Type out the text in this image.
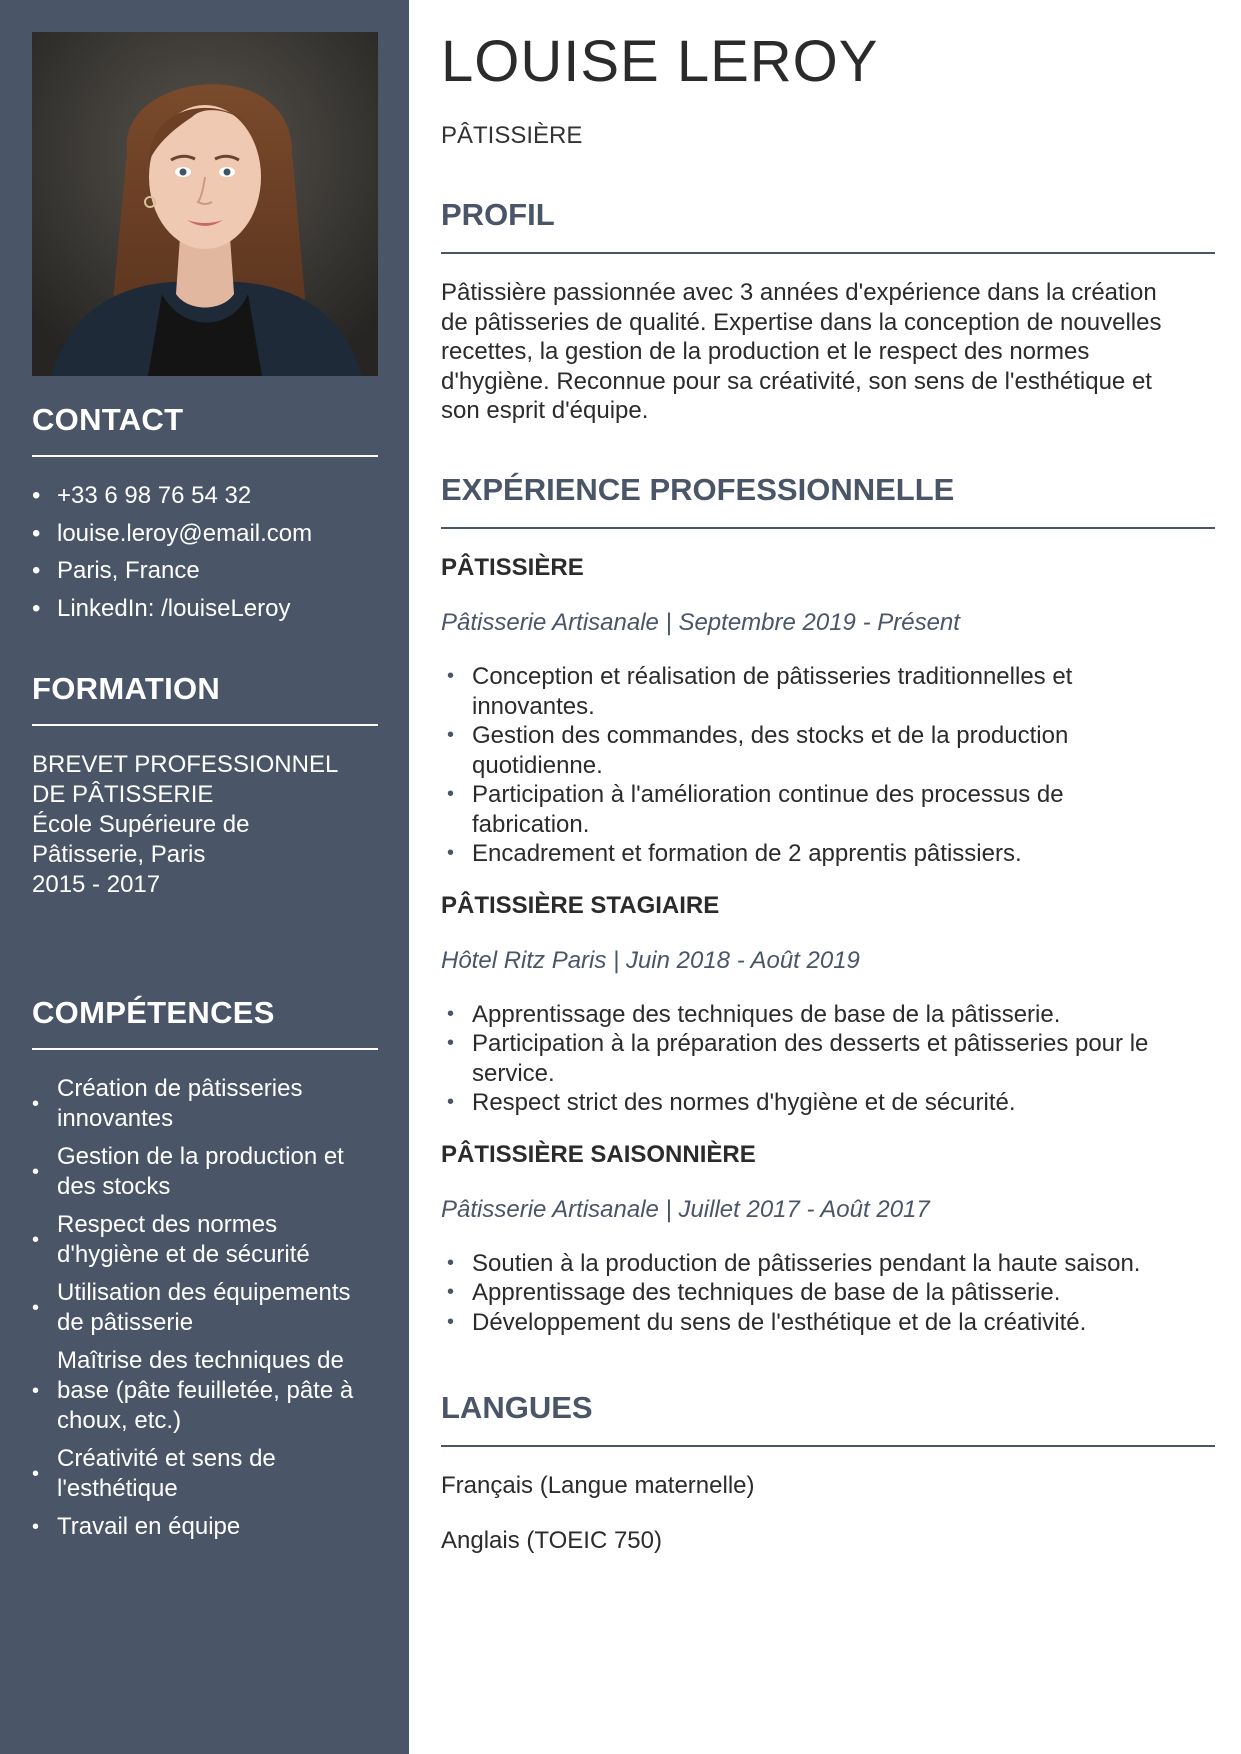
CONTACT
• +33 6 98 76 54 32
• louise.leroy@email.com
• Paris, France
• LinkedIn: /louiseLeroy
FORMATION
BREVET PROFESSIONNEL
DE PÂTISSERIE
École Supérieure de
Pâtisserie, Paris
2015 - 2017
COMPÉTENCES
•
Création de pâtisseries
innovantes
•
Gestion de la production et
des stocks
•
Respect des normes
d'hygiène et de sécurité
•
Utilisation des équipements
de pâtisserie
•
Maîtrise des techniques de
base (pâte feuilletée, pâte à
choux, etc.)
•
Créativité et sens de
l'esthétique
• Travail en équipe
LOUISE LEROY
PÂTISSIÈRE
PROFIL
Pâtissière passionnée avec 3 années d'expérience dans la création
de pâtisseries de qualité. Expertise dans la conception de nouvelles
recettes, la gestion de la production et le respect des normes
d'hygiène. Reconnue pour sa créativité, son sens de l'esthétique et
son esprit d'équipe.
EXPÉRIENCE PROFESSIONNELLE
PÂTISSIÈRE
Pâtisserie Artisanale | Septembre 2019 - Présent
• Conception et réalisation de pâtisseries traditionnelles et
innovantes.
• Gestion des commandes, des stocks et de la production
quotidienne.
• Participation à l'amélioration continue des processus de
fabrication.
• Encadrement et formation de 2 apprentis pâtissiers.
PÂTISSIÈRE STAGIAIRE
Hôtel Ritz Paris | Juin 2018 - Août 2019
• Apprentissage des techniques de base de la pâtisserie.
• Participation à la préparation des desserts et pâtisseries pour le
service.
• Respect strict des normes d'hygiène et de sécurité.
PÂTISSIÈRE SAISONNIÈRE
Pâtisserie Artisanale | Juillet 2017 - Août 2017
• Soutien à la production de pâtisseries pendant la haute saison.
• Apprentissage des techniques de base de la pâtisserie.
• Développement du sens de l'esthétique et de la créativité.
LANGUES
Français (Langue maternelle)
Anglais (TOEIC 750)
